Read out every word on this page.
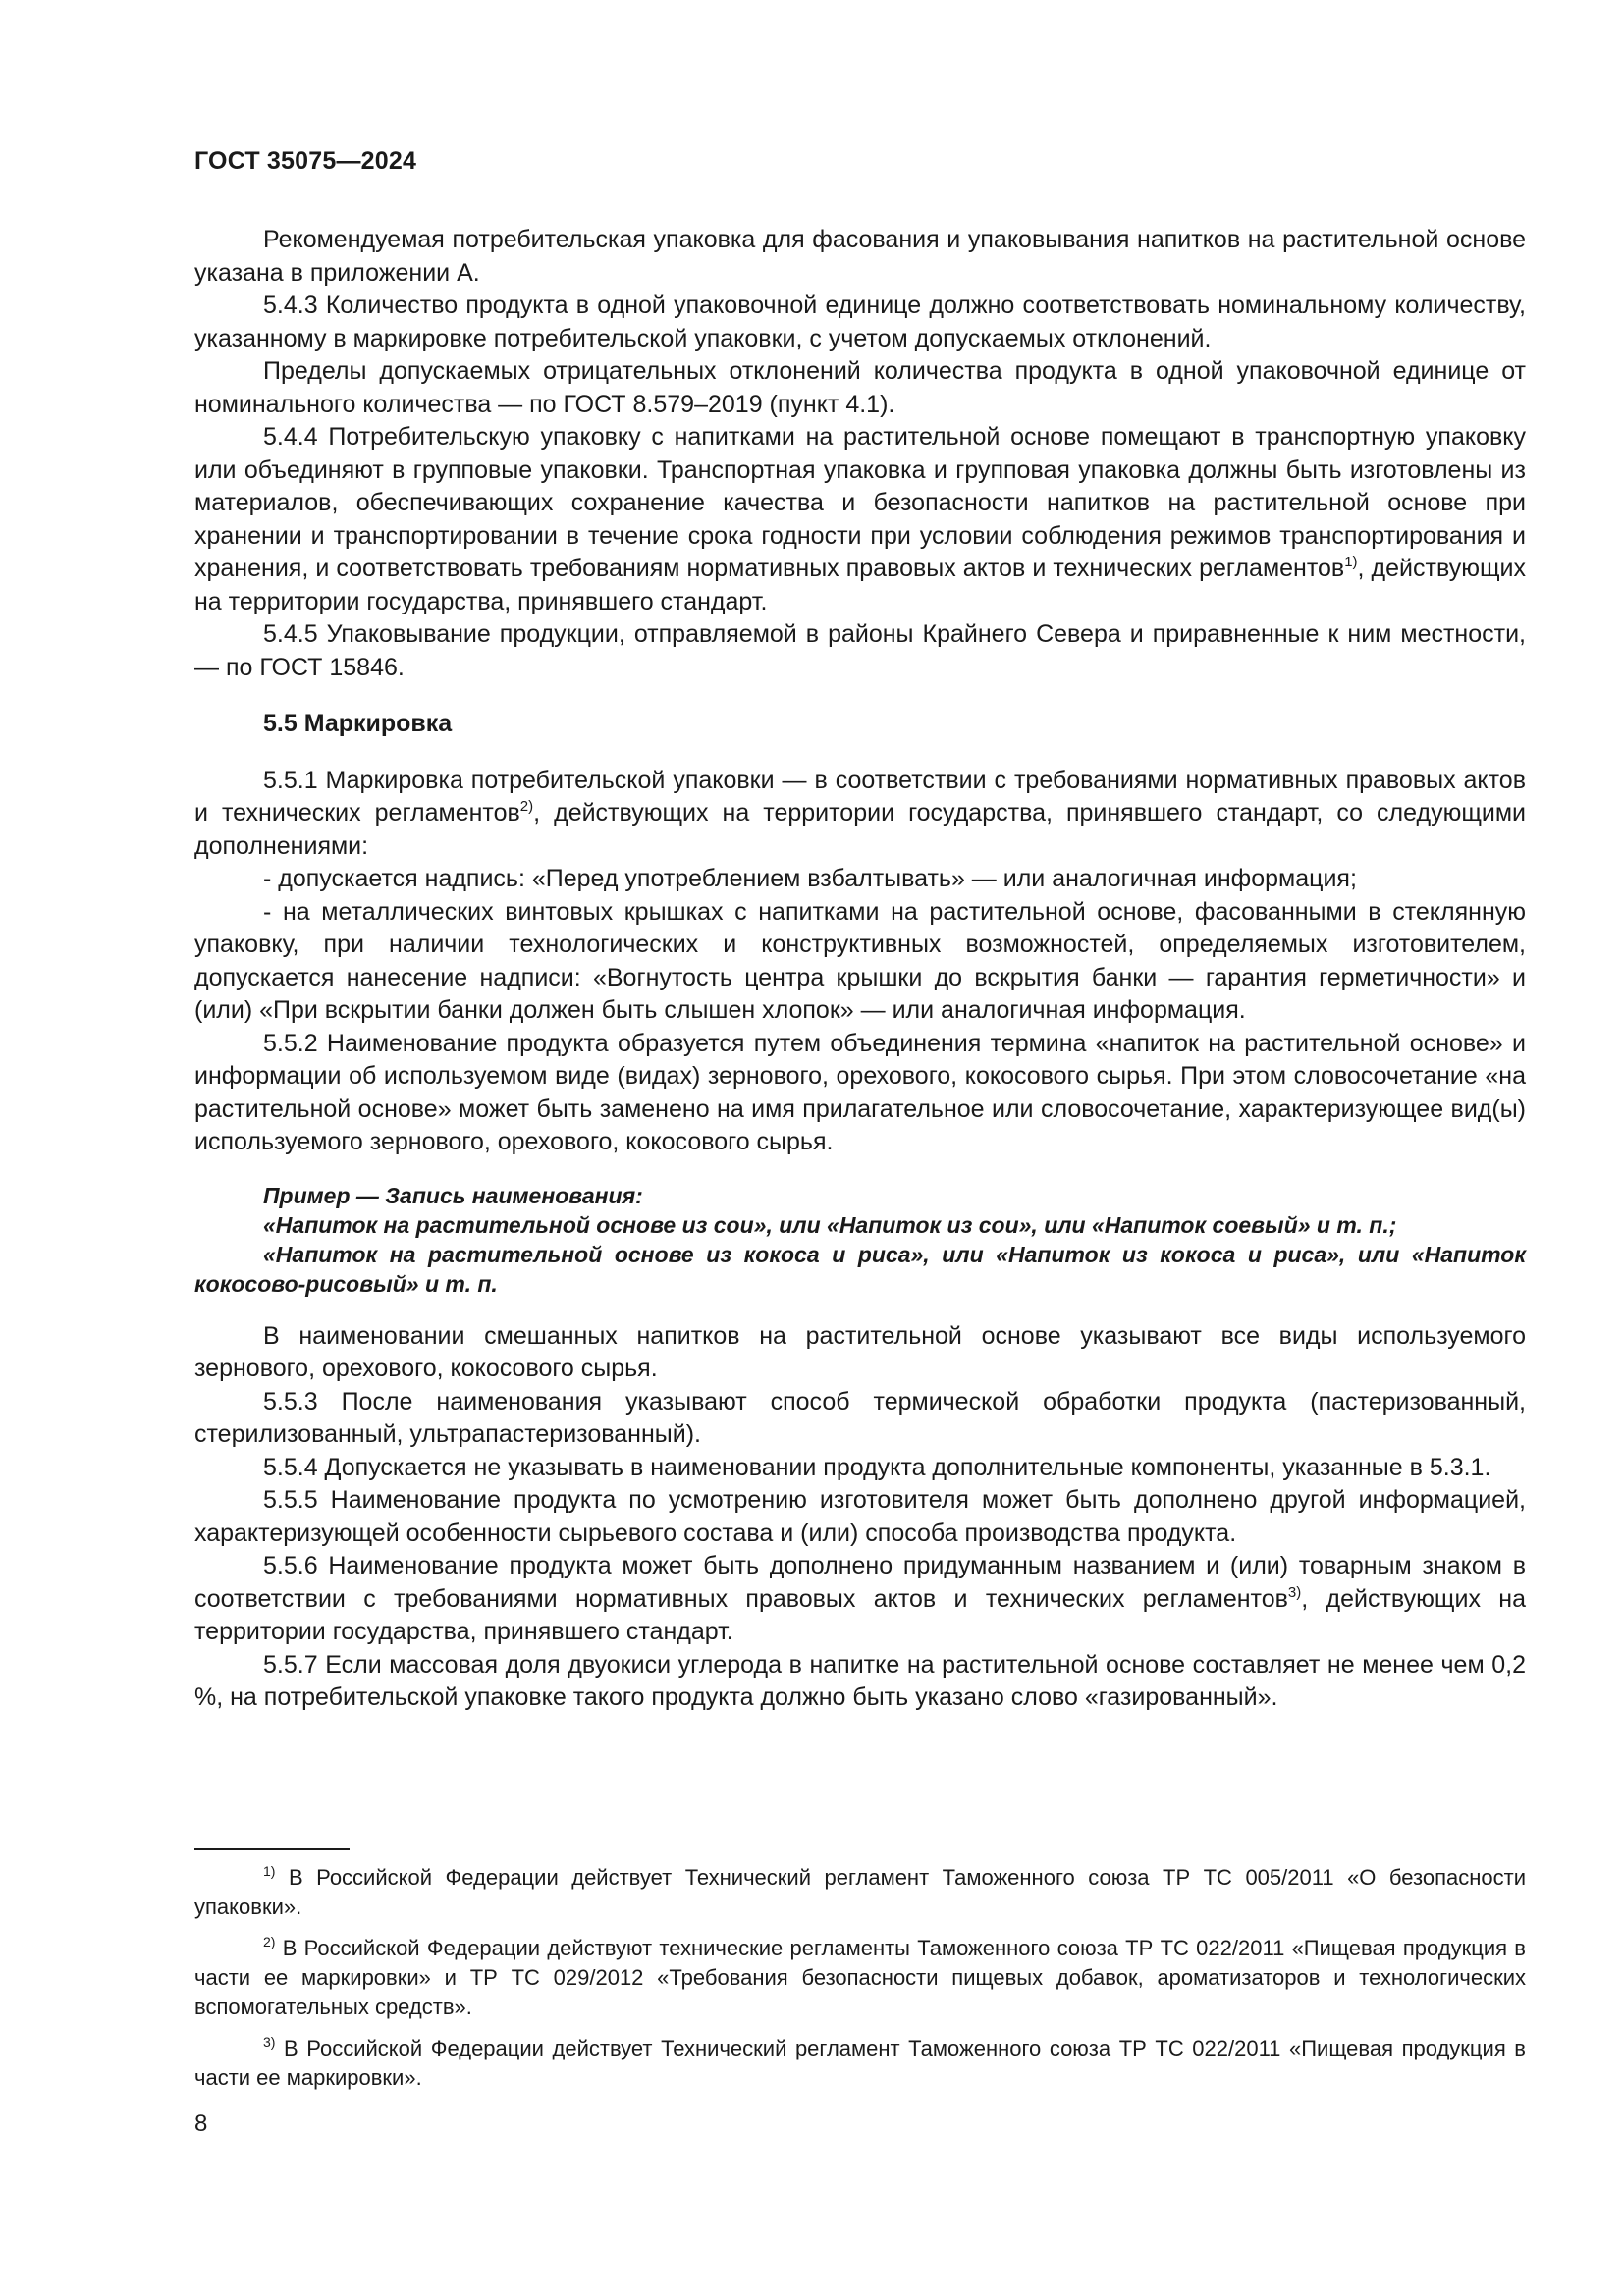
ГОСТ 35075—2024

Рекомендуемая потребительская упаковка для фасования и упаковывания напитков на растительной основе указана в приложении А.

5.4.3 Количество продукта в одной упаковочной единице должно соответствовать номинальному количеству, указанному в маркировке потребительской упаковки, с учетом допускаемых отклонений.

Пределы допускаемых отрицательных отклонений количества продукта в одной упаковочной единице от номинального количества — по ГОСТ 8.579–2019 (пункт 4.1).

5.4.4 Потребительскую упаковку с напитками на растительной основе помещают в транспортную упаковку или объединяют в групповые упаковки. Транспортная упаковка и групповая упаковка должны быть изготовлены из материалов, обеспечивающих сохранение качества и безопасности напитков на растительной основе при хранении и транспортировании в течение срока годности при условии соблюдения режимов транспортирования и хранения, и соответствовать требованиям нормативных правовых актов и технических регламентов$^{1)}$, действующих на территории государства, принявшего стандарт.

5.4.5 Упаковывание продукции, отправляемой в районы Крайнего Севера и приравненные к ним местности, — по ГОСТ 15846.

5.5 Маркировка

5.5.1 Маркировка потребительской упаковки — в соответствии с требованиями нормативных правовых актов и технических регламентов$^{2)}$, действующих на территории государства, принявшего стандарт, со следующими дополнениями:

- допускается надпись: «Перед употреблением взбалтывать» — или аналогичная информация;

- на металлических винтовых крышках с напитками на растительной основе, фасованными в стеклянную упаковку, при наличии технологических и конструктивных возможностей, определяемых изготовителем, допускается нанесение надписи: «Вогнутость центра крышки до вскрытия банки — гарантия герметичности» и (или) «При вскрытии банки должен быть слышен хлопок» — или аналогичная информация.

5.5.2 Наименование продукта образуется путем объединения термина «напиток на растительной основе» и информации об используемом виде (видах) зернового, орехового, кокосового сырья. При этом словосочетание «на растительной основе» может быть заменено на имя прилагательное или словосочетание, характеризующее вид(ы) используемого зернового, орехового, кокосового сырья.

Пример — Запись наименования:

«Напиток на растительной основе из сои», или «Напиток из сои», или «Напиток соевый» и т. п.;

«Напиток на растительной основе из кокоса и риса», или «Напиток из кокоса и риса», или «Напиток кокосово-рисовый» и т. п.

В наименовании смешанных напитков на растительной основе указывают все виды используемого зернового, орехового, кокосового сырья.

5.5.3 После наименования указывают способ термической обработки продукта (пастеризованный, стерилизованный, ультрапастеризованный).

5.5.4 Допускается не указывать в наименовании продукта дополнительные компоненты, указанные в 5.3.1.

5.5.5 Наименование продукта по усмотрению изготовителя может быть дополнено другой информацией, характеризующей особенности сырьевого состава и (или) способа производства продукта.

5.5.6 Наименование продукта может быть дополнено придуманным названием и (или) товарным знаком в соответствии с требованиями нормативных правовых актов и технических регламентов$^{3)}$, действующих на территории государства, принявшего стандарт.

5.5.7 Если массовая доля двуокиси углерода в напитке на растительной основе составляет не менее чем 0,2 %, на потребительской упаковке такого продукта должно быть указано слово «газированный».

$^{1)}$ В Российской Федерации действует Технический регламент Таможенного союза ТР ТС 005/2011 «О безопасности упаковки».

$^{2)}$ В Российской Федерации действуют технические регламенты Таможенного союза ТР ТС 022/2011 «Пищевая продукция в части ее маркировки» и ТР ТС 029/2012 «Требования безопасности пищевых добавок, ароматизаторов и технологических вспомогательных средств».

$^{3)}$ В Российской Федерации действует Технический регламент Таможенного союза ТР ТС 022/2011 «Пищевая продукция в части ее маркировки».

8
